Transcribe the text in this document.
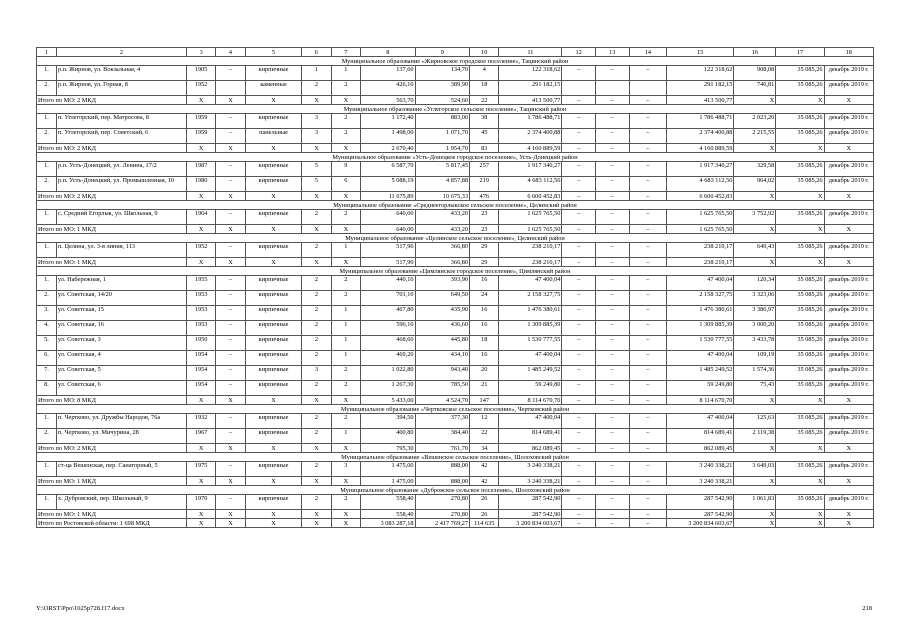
1	2	3	4	5	6	7	8	9	10	11	12	13	14	15	16	17	18
Муниципальное образование «Жирновское городское поселение», Тацинский район																	
1.	р.п. Жирнов, ул. Вокзальная, 4	1905	–	кирпичные	1	1	137,60	134,70	4	122 318,62	–	–	–	122 318,62	908,08	35 085,26	декабрь 2019 г.
2.	р.п. Жирнов, ул. Горная, 8	1952		каменные	2	2	426,10	389,90	18	291 182,15				291 182,15	746,81	35 085,26	декабрь 2019 г.
Итого по МО: 2 МКД		Х	Х	Х	Х	Х	563,70	524,60	22	413 500,77	–	–	–	413 500,77	Х	Х	Х
Муниципальное образование «Углегорское сельское поселение», Тацинский район																	
1.	п. Углегорский, пер. Матросова, 8	1959	–	кирпичные	3	2	1 172,40	883,00	38	1 786 488,71	–	–	–	1 786 488,71	2 023,20	35 085,26	декабрь 2019 г.
2.	п. Углегорский, пер. Советский, 6	1959	–	панельные	3	2	1 498,00	1 071,70	45	2 374 400,88	–	–	–	2 374 400,88	2 215,55	35 085,26	декабрь 2019 г.
Итого по МО: 2 МКД		Х	Х	Х	Х	Х	2 670,40	1 954,70	83	4 160 889,59	–	–	–	4 160 889,59	Х	Х	Х
Муниципальное образование «Усть-Донецкое городское поселение», Усть-Донецкий район																	
1.	р.п. Усть-Донецкий, ул. Ленина, 17/2	1987	–	кирпичные	5	9	6 587,70	5 817,45	257	1 917 340,27	–	–	–	1 917 340,27	329,58	35 085,26	декабрь 2019 г.
2.	р.п. Усть-Донецкий, ул. Промышленная, 10	1980	–	кирпичные	5	6	5 088,19	4 857,88	219	4 683 112,56	–	–	–	4 683 112,56	964,02	35 085,26	декабрь 2019 г.
Итого по МО: 2 МКД		Х	Х	Х	Х	Х	11 675,89	10 675,33	476	6 600 452,83	–	–	–	6 600 452,83	Х	Х	Х
Муниципальное образование «Среднеегорлыкское сельское поселение», Целинский район																	
1.	с. Средний Егорлык, ул. Школьная, 9	1964	–	кирпичные	2	2	640,00	433,20	23	1 625 765,50	–	–	–	1 625 765,50	3 752,92	35 085,26	декабрь 2019 г.
Итого по МО: 1 МКД		Х	Х	Х	Х	Х	640,00	433,20	23	1 625 765,50	–	–	–	1 625 765,50	Х	Х	Х
Муниципальное образование «Целинское сельское поселение», Целинский район																	
1.	п. Целина, ул. 3-я линия, 113	1952	–	кирпичные	2	1	517,90	366,80	29	238 210,17	–	–	–	238 210,17	649,43	35 085,26	декабрь 2019 г.
Итого по МО: 1 МКД		Х	Х	Х	Х	Х	517,90	366,80	29	238 210,17	–	–	–	238 210,17	Х	Х	Х
Муниципальное образование «Цимлянское городское поселение», Цимлянский район																	
1.	ул. Набережная, 1	1955	–	кирпичные	2	2	440,10	393,90	16	47 400,04	–	–	–	47 400,04	120,34	35 085,26	декабрь 2019 г.
2.	ул. Советская, 14/20	1953	–	кирпичные	2	2	701,10	649,50	24	2 158 327,75	–	–	–	2 158 327,75	3 323,06	35 085,26	декабрь 2019 г.
3.	ул. Советская, 15	1953	–	кирпичные	2	1	467,80	435,90	16	1 476 380,61	–	–	–	1 476 380,61	3 386,97	35 085,26	декабрь 2019 г.
4.	ул. Советская, 16	1953	–	кирпичные	2	1	596,10	436,60	16	1 309 885,39	–	–	–	1 309 885,39	3 000,20	35 085,26	декабрь 2019 г.
5.	ул. Советская, 3	1950	–	кирпичные	2	1	468,60	445,80	18	1 530 777,55	–	–	–	1 530 777,55	3 433,78	35 085,26	декабрь 2019 г.
6.	ул. Советская, 4	1954	–	кирпичные	2	1	469,20	434,10	16	47 400,04	–	–	–	47 400,04	109,19	35 085,26	декабрь 2019 г.
7.	ул. Советская, 5	1954	–	кирпичные	3	2	1 022,80	943,40	20	1 485 249,52	–	–	–	1 485 249,52	1 574,36	35 085,26	декабрь 2019 г.
8.	ул. Советская, 6	1954	–	кирпичные	2	2	1 267,30	785,50	21	59 249,80	–	–	–	59 249,80	75,43	35 085,26	декабрь 2019 г.
Итого по МО: 8 МКД		Х	Х	Х	Х	Х	5 433,00	4 524,70	147	8 114 670,70	–	–	–	8 114 670,70	Х	Х	Х
Муниципальное образование «Чертковское сельское поселение», Чертковский район																	
1.	п. Чертково, ул. Дружбы Народов, 76а	1932	–	кирпичные	2	2	394,50	377,30	12	47 400,04	–	–	–	47 400,04	125,63	35 085,26	декабрь 2019 г.
2.	п. Чертково, ул. Мичурина, 28	1967	–	кирпичные	2	1	400,80	384,40	22	814 689,41	–	–	–	814 689,41	2 119,38	35 085,26	декабрь 2019 г.
Итого по МО: 2 МКД		Х	Х	Х	Х	Х	795,30	761,70	34	862 089,45	–	–	–	862 089,45	Х	Х	Х
Муниципальное образование «Вешенское сельское поселение», Шолоховский район																	
1.	ст-ца Вешенская, пер. Санаторный, 5	1975	–	кирпичные	2	3	1 475,00	888,00	42	3 240 338,21	–	–	–	3 240 338,21	3 649,03	35 085,26	декабрь 2019 г.
Итого по МО: 1 МКД		Х	Х	Х	Х	Х	1 475,00	888,00	42	3 240 338,21	–	–	–	3 240 338,21	Х	Х	Х
Муниципальное образование «Дубровское сельское поселение», Шолоховский район																	
1.	х. Дубровский, пер. Школьный, 9	1970	–	кирпичные	2	2	558,40	270,80	26	287 542,90	–	–	–	287 542,90	1 061,83	35 085,26	декабрь 2019 г.
Итого по МО: 1 МКД		Х	Х	Х	Х	Х	558,40	270,80	26	287 542,90	–	–	–	287 542,90	Х	Х	Х
Итого по Ростовской области: 1 698 МКД		Х	Х	Х	Х	Х	3 083 287,18	2 417 769,27	114 635	3 200 834 603,67	–	–	–	3 200 834 603,67	Х	Х	Х
Y:\ORST\Ppo\1025p728.f17.docx	218
